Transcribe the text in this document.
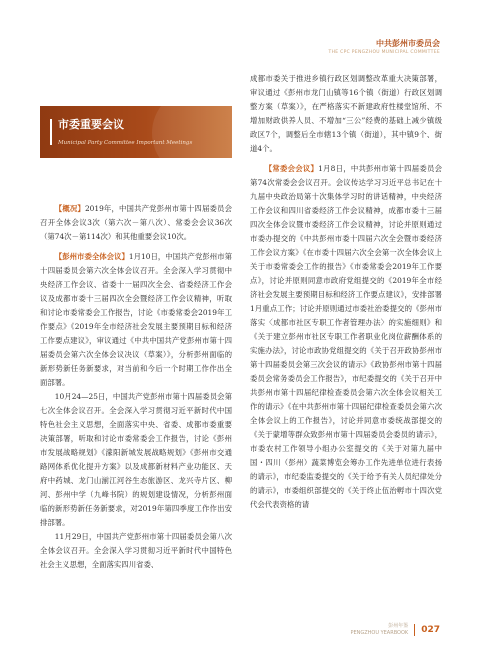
中共彭州市委员会
THE CPC PENGZHOU MUNICIPAL COMMITTEE
市委重要会议
Municipal Party Committee Important Meetings

【概况】2019年，中国共产党彭州市第十四届委员会召开全体会议3次（第六次－第八次）、常委会会议36次（第74次－第114次）和其他重要会议10次。

【彭州市委全体会议】1月10日，中国共产党彭州市第十四届委员会第六次全体会议召开。全会深入学习贯彻中央经济工作会议、省委十一届四次全会、省委经济工作会议及成都市委十三届四次全会暨经济工作会议精神，听取和讨论市委常委会工作报告，讨论《市委常委会2019年工作要点》《2019年全市经济社会发展主要预期目标和经济工作要点建议》，审议通过《中共中国共产党彭州市第十四届委员会第六次全体会议决议（草案）》，分析彭州面临的新形势新任务新要求，对当前和今后一个时期工作作出全面部署。

10月24—25日，中国共产党彭州市第十四届委员会第七次全体会议召开。全会深入学习贯彻习近平新时代中国特色社会主义思想，全面落实中央、省委、成都市委重要决策部署，听取和讨论市委常委会工作报告，讨论《彭州市发展战略规划》《濛阳新城发展战略规划》《彭州市交通路网体系优化提升方案》以及成都新材料产业功能区、天府中药城、龙门山湔江河谷生态旅游区、龙兴寺片区、柳河、彭州中学（九峰书院）的规划建设情况，分析彭州面临的新形势新任务新要求，对2019年第四季度工作作出安排部署。

11月29日，中国共产党彭州市第十四届委员会第八次全体会议召开。全会深入学习贯彻习近平新时代中国特色社会主义思想，全面落实四川省委、

成都市委关于推进乡镇行政区划调整改革重大决策部署，审议通过《彭州市龙门山镇等16个镇（街道）行政区划调整方案（草案）》，在严格落实不新建政府性楼堂馆所、不增加财政供养人员、不增加“三公”经费的基础上减少镇级政区7个，调整后全市辖13个镇（街道），其中镇9个、街道4个。

【常委会会议】1月8日，中共彭州市第十四届委员会第74次常委会会议召开。会议传达学习习近平总书记在十九届中央政治局第十次集体学习时的讲话精神，中央经济工作会议和四川省委经济工作会议精神，成都市委十三届四次全体会议暨市委经济工作会议精神，讨论并原则通过市委办提交的《中共彭州市委十四届六次全会暨市委经济工作会议方案》《在市委十四届六次全会第一次全体会议上关于市委常委会工作的报告》《市委常委会2019年工作要点》，讨论并原则同意市政府党组提交的《2019年全市经济社会发展主要预期目标和经济工作要点建议》，安排部署1月重点工作；讨论并原则通过市委社治委提交的《彭州市落实〈成都市社区专职工作者管理办法〉的实施细则》和《关于建立彭州市社区专职工作者职业化岗位薪酬体系的实施办法》，讨论市政协党组提交的《关于召开政协彭州市第十四届委员会第三次会议的请示》《政协彭州市第十四届委员会常务委员会工作报告》，市纪委提交的《关于召开中共彭州市第十四届纪律检查委员会第六次全体会议相关工作的请示》《在中共彭州市第十四届纪律检查委员会第六次全体会议上的工作报告》，讨论并同意市委统战部提交的《关于蒙增等群众致彭州市第十四届委员会委员的请示》，市委农村工作领导小组办公室提交的《关于对第九届中国・四川（彭州）蔬菜博览会筹办工作先进单位进行表扬的请示》，市纪委监委提交的《关于给予有关人员纪律处分的请示》，市委组织部提交的《关于终止伍治孵市十四次党代会代表资格的请

彭州年鉴
PENGZHOU YEARBOOK 027
